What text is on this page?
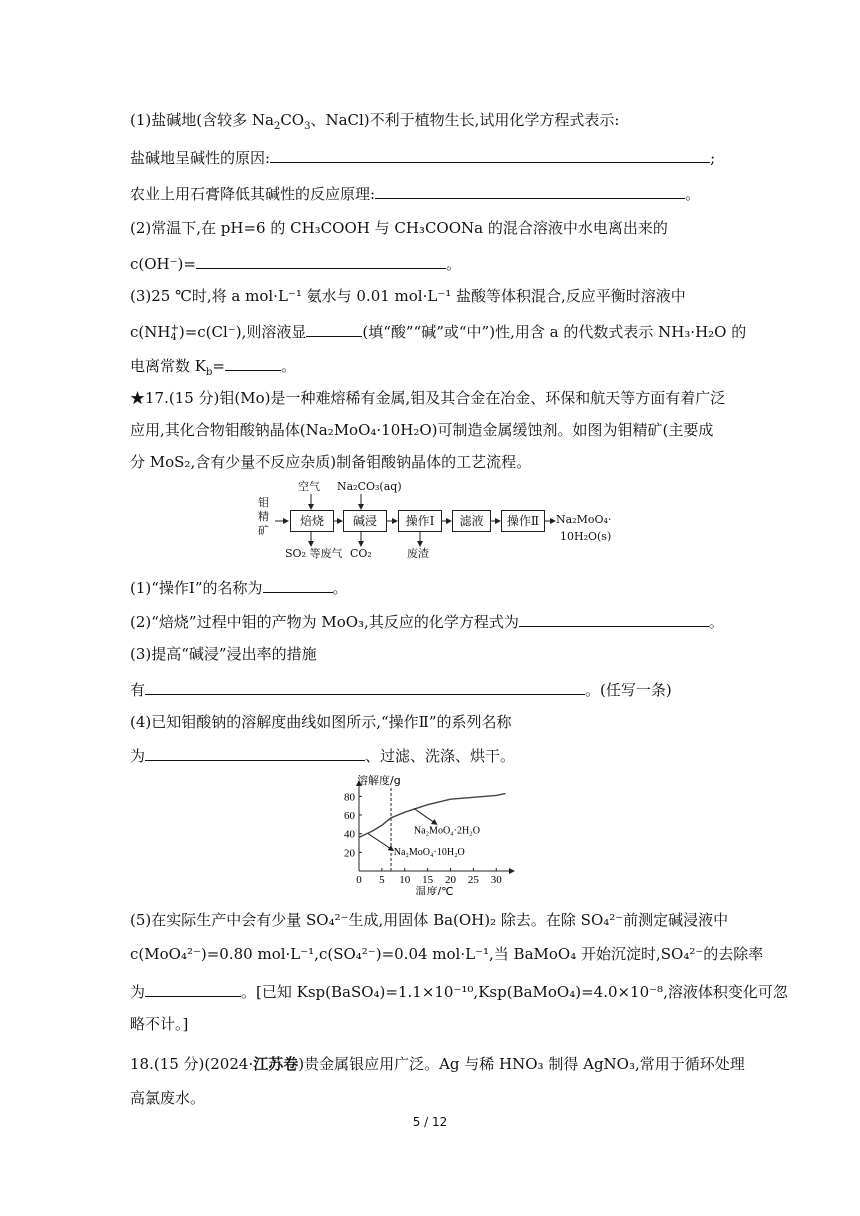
(1)盐碱地(含较多 $Na_2CO_3$、NaCl)不利于植物生长,试用化学方程式表示:
盐碱地呈碱性的原因:	;
农业上用石膏降低其碱性的反应原理:	。
(2)常温下,在 pH=6 的 CH₃COOH 与 CH₃COONa 的混合溶液中水电离出来的
c(OH⁻)=	。
(3)25 ℃时,将 a mol·L⁻¹ 氨水与 0.01 mol·L⁻¹ 盐酸等体积混合,反应平衡时溶液中
c(NH +
4 )=c(Cl⁻),则溶液显	(填“酸”“碱”或“中”)性,用含 a 的代数式表示 NH₃·H₂O 的
电离常数 $K_b=$	。
★17.(15 分)钼(Mo)是一种难熔稀有金属,钼及其合金在冶金、环保和航天等方面有着广泛
应用,其化合物钼酸钠晶体(Na₂MoO₄·10H₂O)可制造金属缓蚀剂。如图为钼精矿(主要成
分 MoS₂,含有少量不反应杂质)制备钼酸钠晶体的工艺流程。
钼
精
矿
空气 Na₂CO₃(aq)
焙烧	碱浸	操作Ⅰ	滤液	操作Ⅱ	Na₂MoO₄·
10H₂O(s)
SO₂ 等废气 CO₂	废渣
(1)“操作Ⅰ”的名称为	。
(2)“焙烧”过程中钼的产物为 MoO₃,其反应的化学方程式为	。
(3)提高“碱浸”浸出率的措施
有	。(任写一条)
(4)已知钼酸钠的溶解度曲线如图所示,“操作Ⅱ”的系列名称
为	、过滤、洗涤、烘干。
20
40
60
80
0 5 10 15 20 25 30
溶解度/g
温度/℃
Na₂MoO₄·2H₂O
Na₂MoO₄·10H₂O
(5)在实际生产中会有少量 SO₄²⁻生成,用固体 Ba(OH)₂ 除去。在除 SO₄²⁻前测定碱浸液中
c(MoO₄²⁻)=0.80 mol·L⁻¹,c(SO₄²⁻)=0.04 mol·L⁻¹,当 BaMoO₄ 开始沉淀时,SO₄²⁻的去除率
为	。[已知 Ksp(BaSO₄)=1.1×10⁻¹⁰,Ksp(BaMoO₄)=4.0×10⁻⁸,溶液体积变化可忽
略不计。]
18.(15 分)(2024·江苏卷)贵金属银应用广泛。Ag 与稀 HNO₃ 制得 AgNO₃,常用于循环处理
高氯废水。
5 / 12
